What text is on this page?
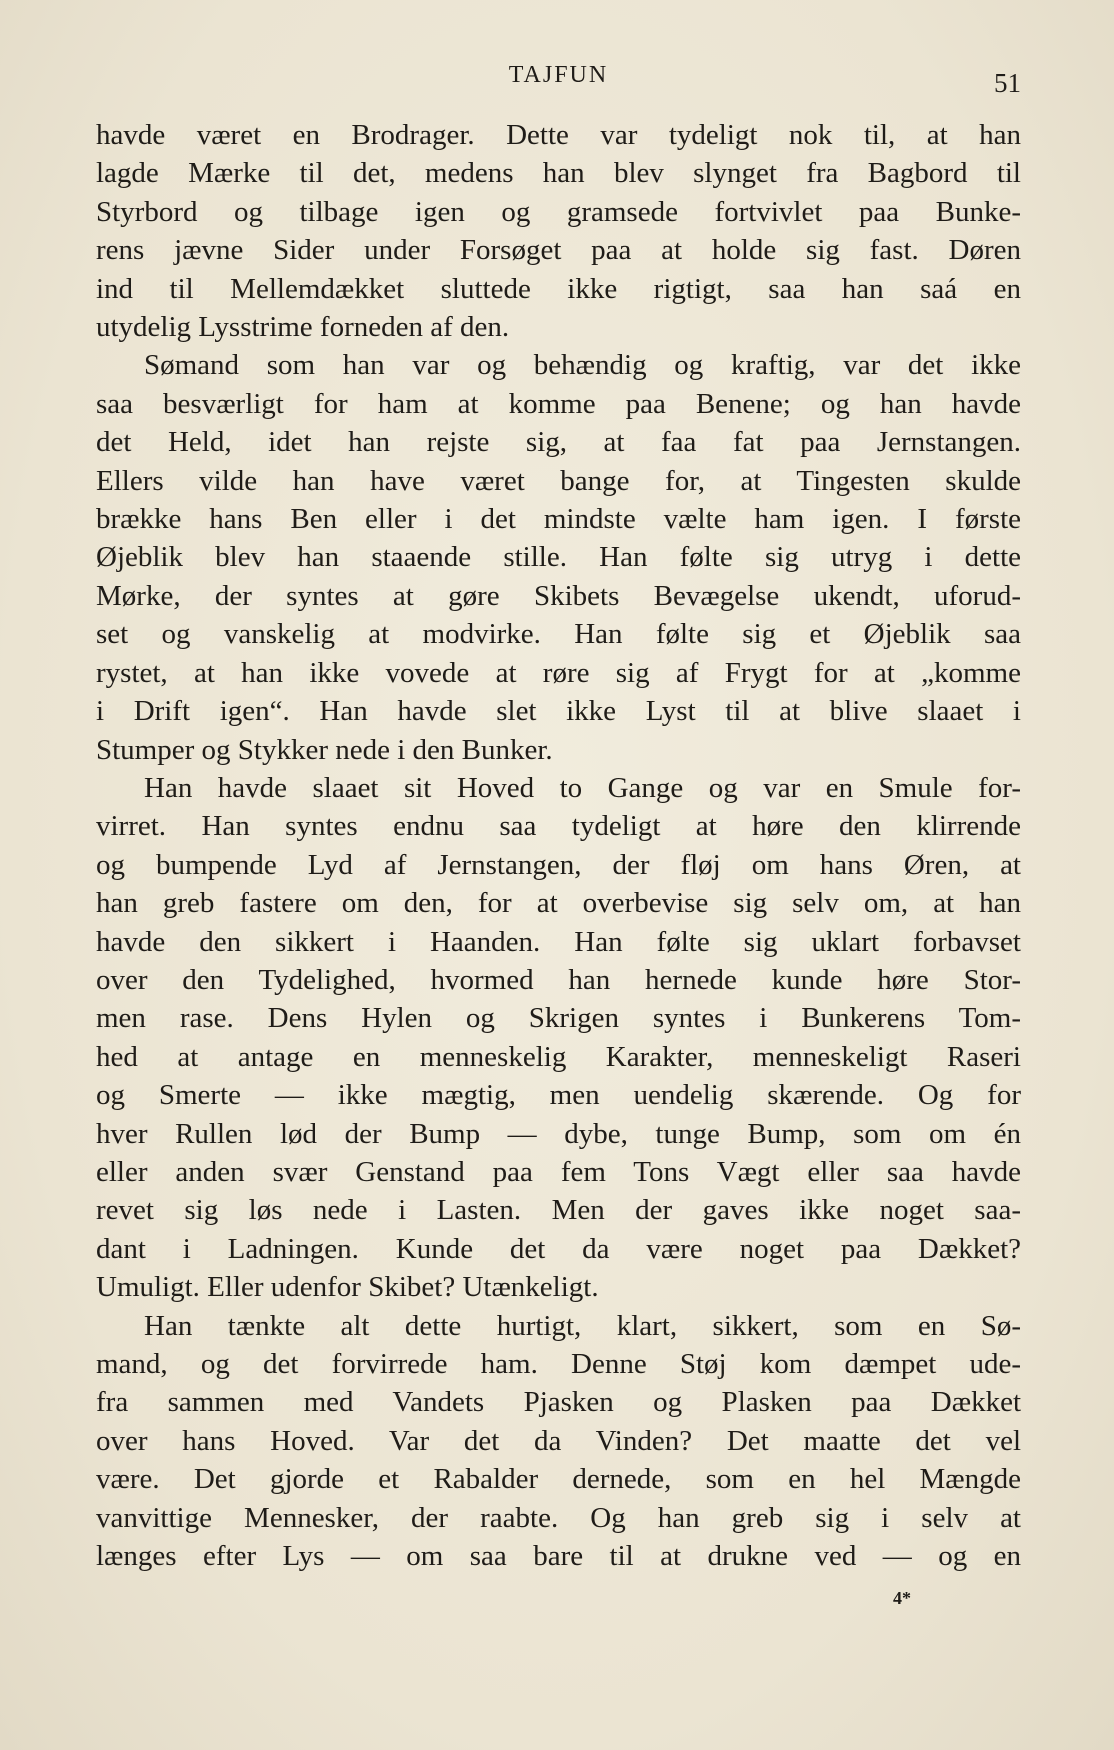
TAJFUN	51
havde været en Brodrager. Dette var tydeligt nok til, at han
lagde Mærke til det, medens han blev slynget fra Bagbord til
Styrbord og tilbage igen og gramsede fortvivlet paa Bunke-
rens jævne Sider under Forsøget paa at holde sig fast. Døren
ind til Mellemdækket sluttede ikke rigtigt, saa han saá en
utydelig Lysstrime forneden af den.
Sømand som han var og behændig og kraftig, var det ikke
saa besværligt for ham at komme paa Benene; og han havde
det Held, idet han rejste sig, at faa fat paa Jernstangen.
Ellers vilde han have været bange for, at Tingesten skulde
brække hans Ben eller i det mindste vælte ham igen. I første
Øjeblik blev han staaende stille. Han følte sig utryg i dette
Mørke, der syntes at gøre Skibets Bevægelse ukendt, uforud-
set og vanskelig at modvirke. Han følte sig et Øjeblik saa
rystet, at han ikke vovede at røre sig af Frygt for at „komme
i Drift igen“. Han havde slet ikke Lyst til at blive slaaet i
Stumper og Stykker nede i den Bunker.
Han havde slaaet sit Hoved to Gange og var en Smule for-
virret. Han syntes endnu saa tydeligt at høre den klirrende
og bumpende Lyd af Jernstangen, der fløj om hans Øren, at
han greb fastere om den, for at overbevise sig selv om, at han
havde den sikkert i Haanden. Han følte sig uklart forbavset
over den Tydelighed, hvormed han hernede kunde høre Stor-
men rase. Dens Hylen og Skrigen syntes i Bunkerens Tom-
hed at antage en menneskelig Karakter, menneskeligt Raseri
og Smerte — ikke mægtig, men uendelig skærende. Og for
hver Rullen lød der Bump — dybe, tunge Bump, som om én
eller anden svær Genstand paa fem Tons Vægt eller saa havde
revet sig løs nede i Lasten. Men der gaves ikke noget saa-
dant i Ladningen. Kunde det da være noget paa Dækket?
Umuligt. Eller udenfor Skibet? Utænkeligt.
Han tænkte alt dette hurtigt, klart, sikkert, som en Sø-
mand, og det forvirrede ham. Denne Støj kom dæmpet ude-
fra sammen med Vandets Pjasken og Plasken paa Dækket
over hans Hoved. Var det da Vinden? Det maatte det vel
være. Det gjorde et Rabalder dernede, som en hel Mængde
vanvittige Mennesker, der raabte. Og han greb sig i selv at
længes efter Lys — om saa bare til at drukne ved — og en
4*
